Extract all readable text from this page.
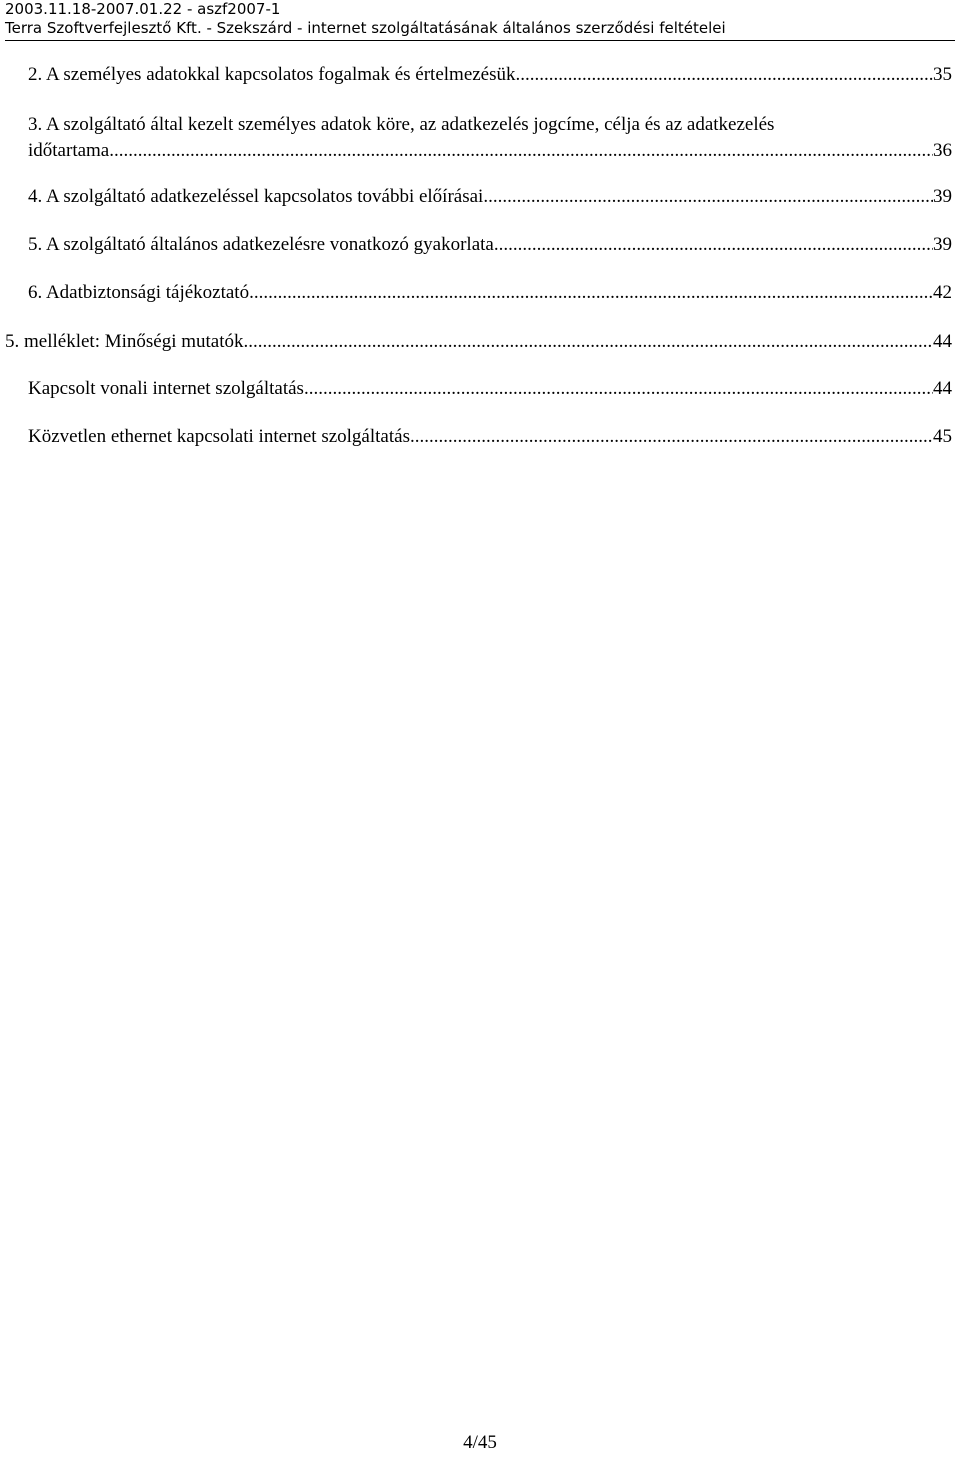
2003.11.18-2007.01.22 - aszf2007-1
Terra Szoftverfejlesztő Kft. - Szekszárd - internet szolgáltatásának általános szerződési feltételei
2. A személyes adatokkal kapcsolatos fogalmak és értelmezésük .....	35
3. A szolgáltató által kezelt személyes adatok köre, az adatkezelés jogcíme, célja és az adatkezelés
időtartama .....	36
4. A szolgáltató adatkezeléssel kapcsolatos további előírásai .....	39
5. A szolgáltató általános adatkezelésre vonatkozó gyakorlata .....	39
6. Adatbiztonsági tájékoztató .....	42
5. melléklet: Minőségi mutatók .....	44
Kapcsolt vonali internet szolgáltatás .....	44
Közvetlen ethernet kapcsolati internet szolgáltatás .....	45
4/45
